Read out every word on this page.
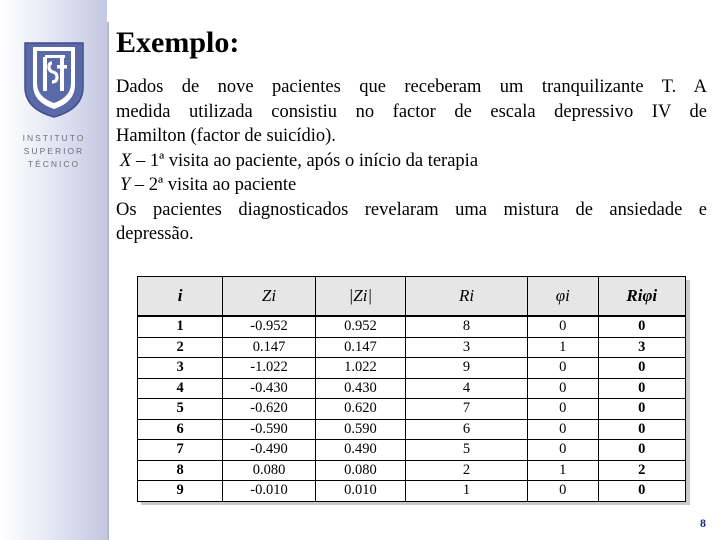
INSTITUTO
SUPERIOR
TÉCNICO
Exemplo:

Dados de nove pacientes que receberam um tranquilizante T. A

medida utilizada consistiu no factor de escala depressivo IV de

Hamilton (factor de suicídio).

X – 1ª visita ao paciente, após o início da terapia

Y – 2ª visita ao paciente

Os pacientes diagnosticados revelaram uma mistura de ansiedade e

depressão.

i	Zi	|Zi|	Ri	φi	Riφi
1	-0.952	0.952	8	0	0
2	0.147	0.147	3	1	3
3	-1.022	1.022	9	0	0
4	-0.430	0.430	4	0	0
5	-0.620	0.620	7	0	0
6	-0.590	0.590	6	0	0
7	-0.490	0.490	5	0	0
8	0.080	0.080	2	1	2
9	-0.010	0.010	1	0	0
8
